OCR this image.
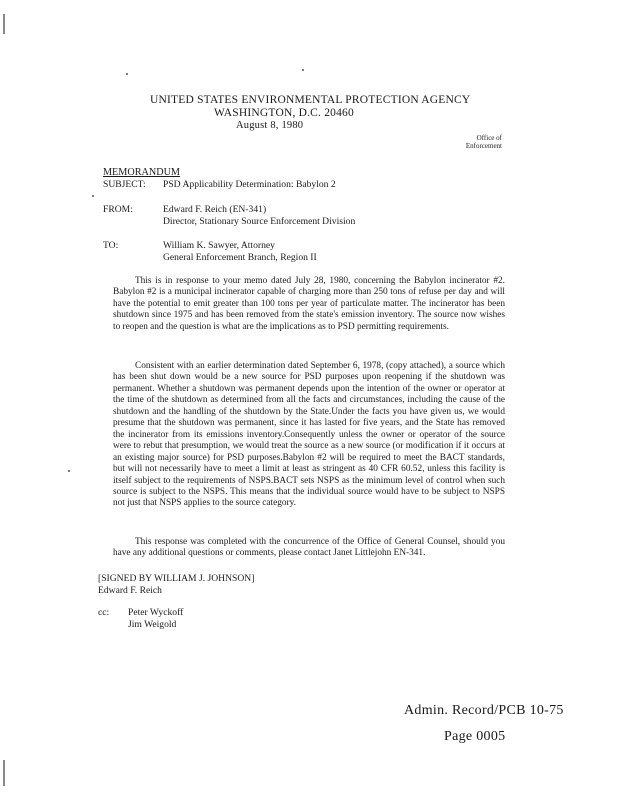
UNITED STATES ENVIRONMENTAL PROTECTION AGENCY
WASHINGTON, D.C. 20460
August 8, 1980
Office of
Enforcement
MEMORANDUM
SUBJECT: PSD Applicability Determination: Babylon 2
FROM:	Edward F. Reich (EN-341)
Director, Stationary Source Enforcement Division
TO:	William K. Sawyer, Attorney
General Enforcement Branch, Region II

This is in response to your memo dated July 28, 1980, concerning the Babylon incinerator #2. Babylon #2 is a municipal incinerator capable of charging more than 250 tons of refuse per day and will have the potential to emit greater than 100 tons per year of particulate matter. The incinerator has been shutdown since 1975 and has been removed from the state's emission inventory. The source now wishes to reopen and the question is what are the implications as to PSD permitting requirements.

Consistent with an earlier determination dated September 6, 1978, (copy attached), a source which has been shut down would be a new source for PSD purposes upon reopening if the shutdown was permanent. Whether a shutdown was permanent depends upon the intention of the owner or operator at the time of the shutdown as determined from all the facts and circumstances, including the cause of the shutdown and the handling of the shutdown by the State.Under the facts you have given us, we would presume that the shutdown was permanent, since it has lasted for five years, and the State has removed the incinerator from its emissions inventory.Consequently unless the owner or operator of the source were to rebut that presumption, we would treat the source as a new source (or modification if it occurs at an existing major source) for PSD purposes.Babylon #2 will be required to meet the BACT standards, but will not necessarily have to meet a limit at least as stringent as 40 CFR 60.52, unless this facility is itself subject to the requirements of NSPS.BACT sets NSPS as the minimum level of control when such source is subject to the NSPS. This means that the individual source would have to be subject to NSPS not just that NSPS applies to the source category.

This response was completed with the concurrence of the Office of General Counsel, should you have any additional questions or comments, please contact Janet Littlejohn EN-341.

[SIGNED BY WILLIAM J. JOHNSON]
Edward F. Reich
cc: Peter Wyckoff
Jim Weigold
Admin. Record/PCB 10-75
Page 0005
